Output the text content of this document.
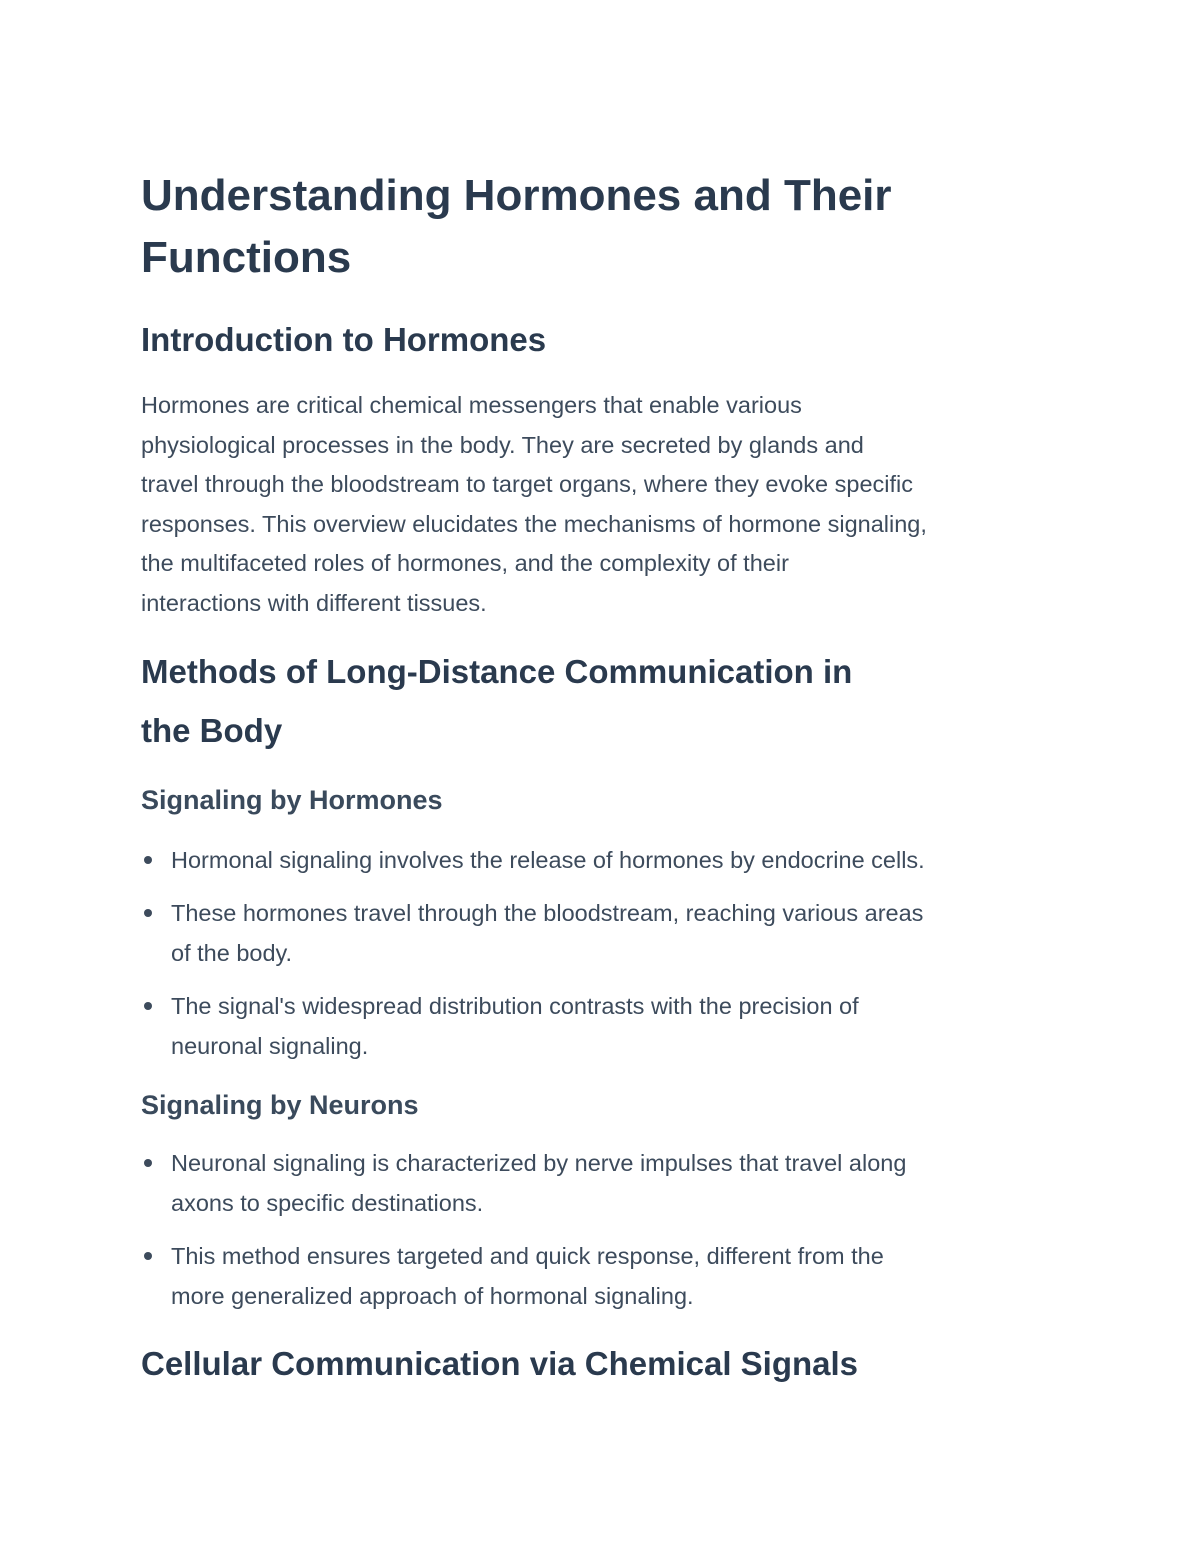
Understanding Hormones and Their
Functions
Introduction to Hormones
Hormones are critical chemical messengers that enable various
physiological processes in the body. They are secreted by glands and
travel through the bloodstream to target organs, where they evoke specific
responses. This overview elucidates the mechanisms of hormone signaling,
the multifaceted roles of hormones, and the complexity of their
interactions with different tissues.
Methods of Long-Distance Communication in
the Body
Signaling by Hormones
Hormonal signaling involves the release of hormones by endocrine cells.
These hormones travel through the bloodstream, reaching various areas
of the body.
The signal's widespread distribution contrasts with the precision of
neuronal signaling.
Signaling by Neurons
Neuronal signaling is characterized by nerve impulses that travel along
axons to specific destinations.
This method ensures targeted and quick response, different from the
more generalized approach of hormonal signaling.
Cellular Communication via Chemical Signals
